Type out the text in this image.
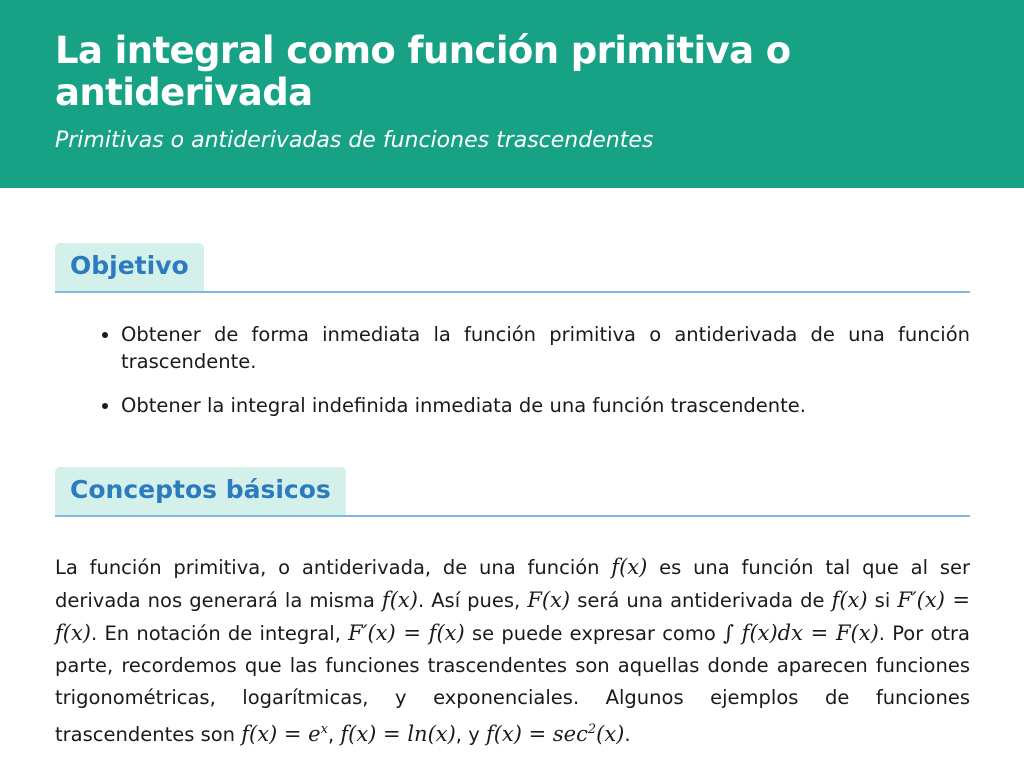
La integral como función primitiva o antiderivada
Primitivas o antiderivadas de funciones trascendentes
Objetivo
• Obtener de forma inmediata la función primitiva o antiderivada de una función trascendente.
• Obtener la integral indefinida inmediata de una función trascendente.
Conceptos básicos

La función primitiva, o antiderivada, de una función f(x) es una función tal que al ser derivada nos generará la misma f(x). Así pues, F(x) será una antiderivada de f(x) si F′(x) = f(x). En notación de integral, F′(x) = f(x) se puede expresar como ∫ f(x)dx = F(x). Por otra parte, recordemos que las funciones trascendentes son aquellas donde aparecen funciones trigonométricas, logarítmicas, y exponenciales. Algunos ejemplos de funciones trascendentes son $f(x) = e^x$, f(x) = ln(x), y $f(x) = \sec^2(x)$.
